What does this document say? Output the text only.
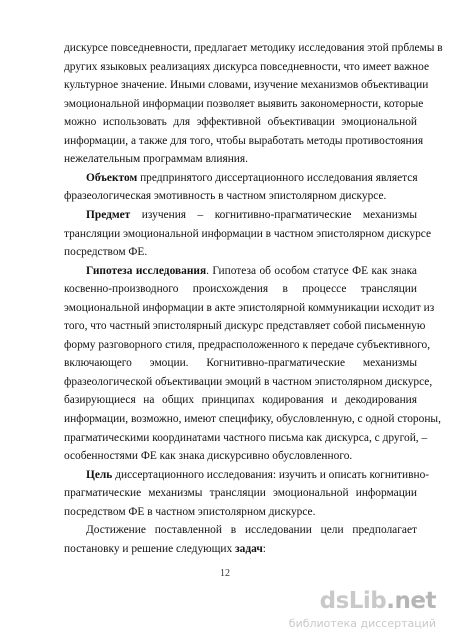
дискурсе повседневности, предлагает методику исследования этой прблемы в
других языковых реализациях дискурса повседневности, что имеет важное
культурное значение. Иными словами, изучение механизмов объективации
эмоциональной информации позволяет выявить закономерности, которые
можно использовать для эффективной объективации эмоциональной
информации, а также для того, чтобы выработать методы противостояния
нежелательным программам влияния.
Объектом предпринятого диссертационного исследования является
фразеологическая эмотивность в частном эпистолярном дискурсе.
Предмет изучения – когнитивно-прагматические механизмы
трансляции эмоциональной информации в частном эпистолярном дискурсе
посредством ФЕ.
Гипотеза исследования. Гипотеза об особом статусе ФЕ как знака
косвенно-производного происхождения в процессе трансляции
эмоциональной информации в акте эпистолярной коммуникации исходит из
того, что частный эпистолярный дискурс представляет собой письменную
форму разговорного стиля, предрасположенного к передаче субъективного,
включающего эмоции. Когнитивно-прагматические механизмы
фразеологической объективации эмоций в частном эпистолярном дискурсе,
базирующиеся на общих принципах кодирования и декодирования
информации, возможно, имеют специфику, обусловленную, с одной стороны,
прагматическими координатами частного письма как дискурса, с другой, –
особенностями ФЕ как знака дискурсивно обусловленного.
Цель диссертационного исследования: изучить и описать когнитивно-
прагматические механизмы трансляции эмоциональной информации
посредством ФЕ в частном эпистолярном дискурсе.
Достижение поставленной в исследовании цели предполагает
постановку и решение следующих задач:
12
dsLib.net
библиотека диссертаций
